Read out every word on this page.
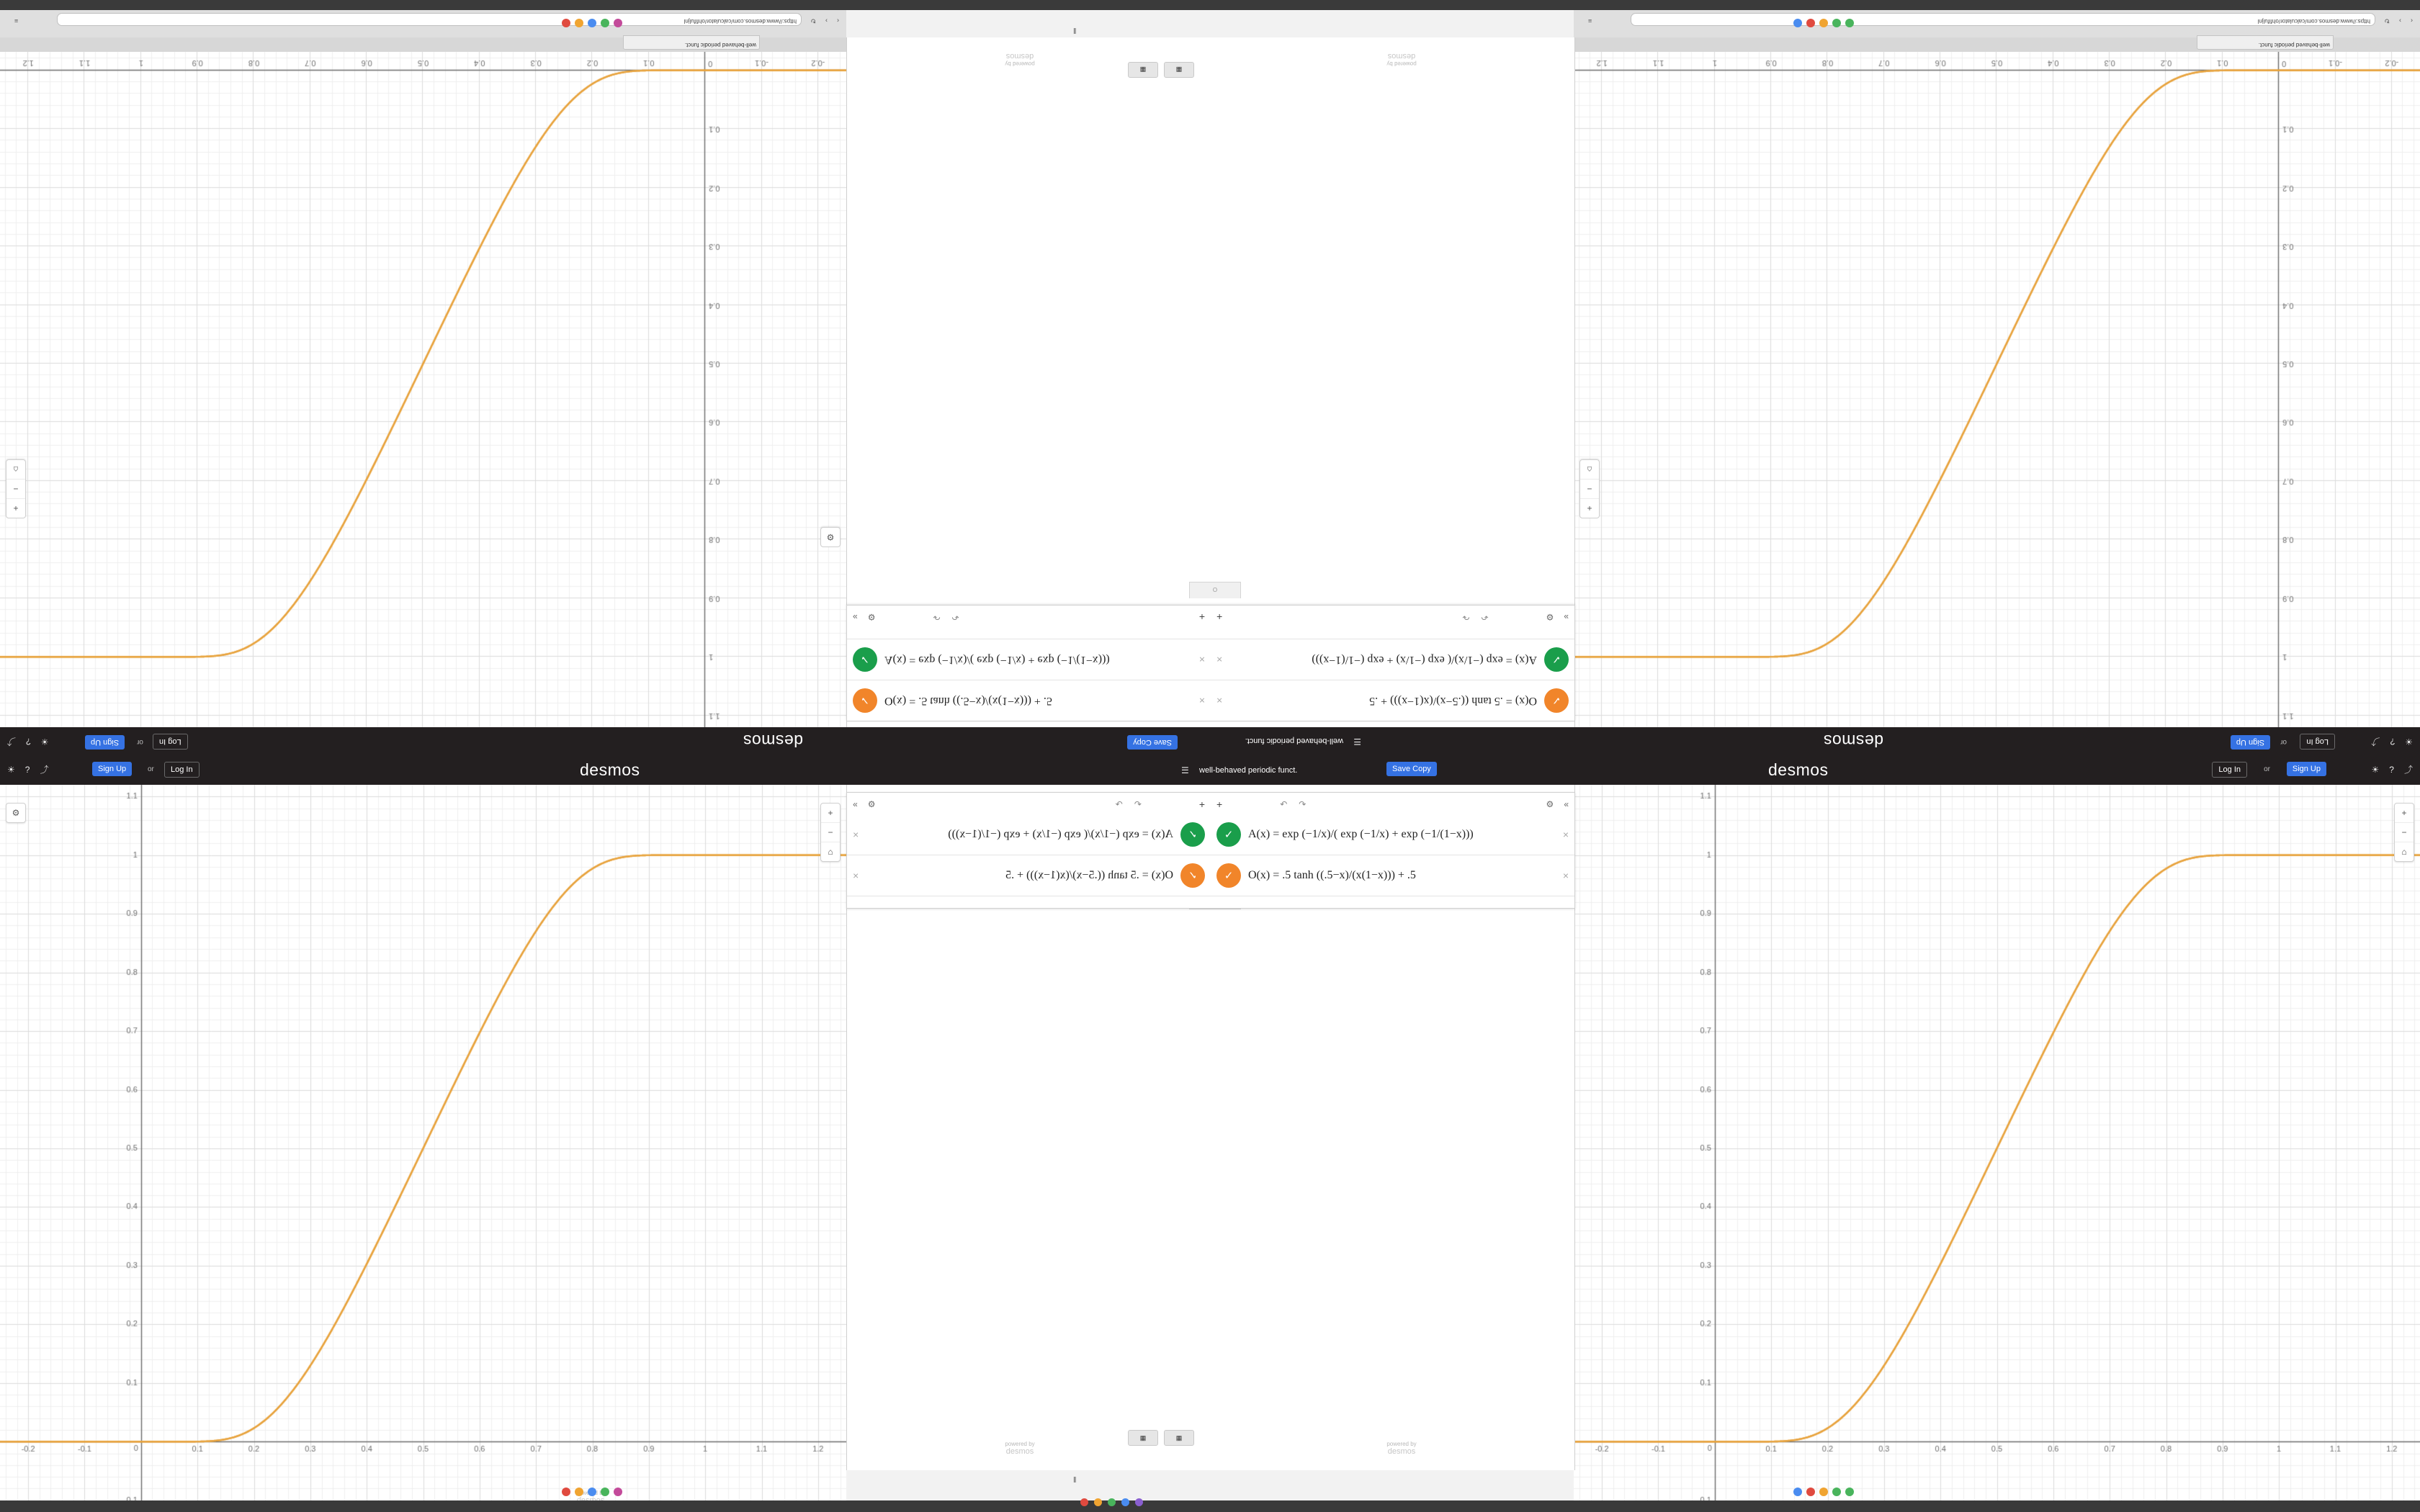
+
−
⌂
⚙
+
−
⌂
+
−
⌂
⚙
powered

+
−
⌂
well-behaved periodic funct.
‹
›
↻
https://www.desmos.com/calculator/ohfifuljnl
≡
well-behaved periodic funct.
‹
›
↻
https://www.desmos.com/calculator/ohfifuljnl
≡
powered by
desmos
powered by
desmos
▦	▦
powered by
desmos
powered by
desmos
▦	▦
O
✓
O(x) = .5 tanh ((.5−x)/(x(1−x))) + .5
×
✓
A(x) = exp (−1/x)/( exp (−1/x) + exp (−1/(1−x)))
×
»
⚙
↶
↷
+
✓	O(x) = .5 tanh ((.5−x)/(x(1−x))) + .5	×
✓	A(x) = exp (−1/x)/( exp (−1/x) + exp (−1/(1−x)))	×
« ⚙	↶ ↷	+
+	↶ ↷	⚙ «
✓	A(x) = exp (−1/x)/( exp (−1/x) + exp (−1/(1−x)))	×
✓	O(x) = .5 tanh ((.5−x)/(x(1−x))) + .5	×
+
↶
↷
⚙
»
✓
A(x) = exp (−1/x)/( exp (−1/x) + exp (−1/(1−x)))
×
✓
O(x) = .5 tanh ((.5−x)/(x(1−x))) + .5
×
☀
?
⤴
Log In
or
Sign Up
desmos
☰
well-behaved periodic funct.
Save Copy
desmos
☀
?
⤴	Sign Up	or	Log In
☀ ? ⤴	Sign Up	or	Log In	desmos	☰ well-behaved periodic funct.	Save Copy	desmos	Log In	or	Sign Up	☀ ? ⤴
‖
‖
